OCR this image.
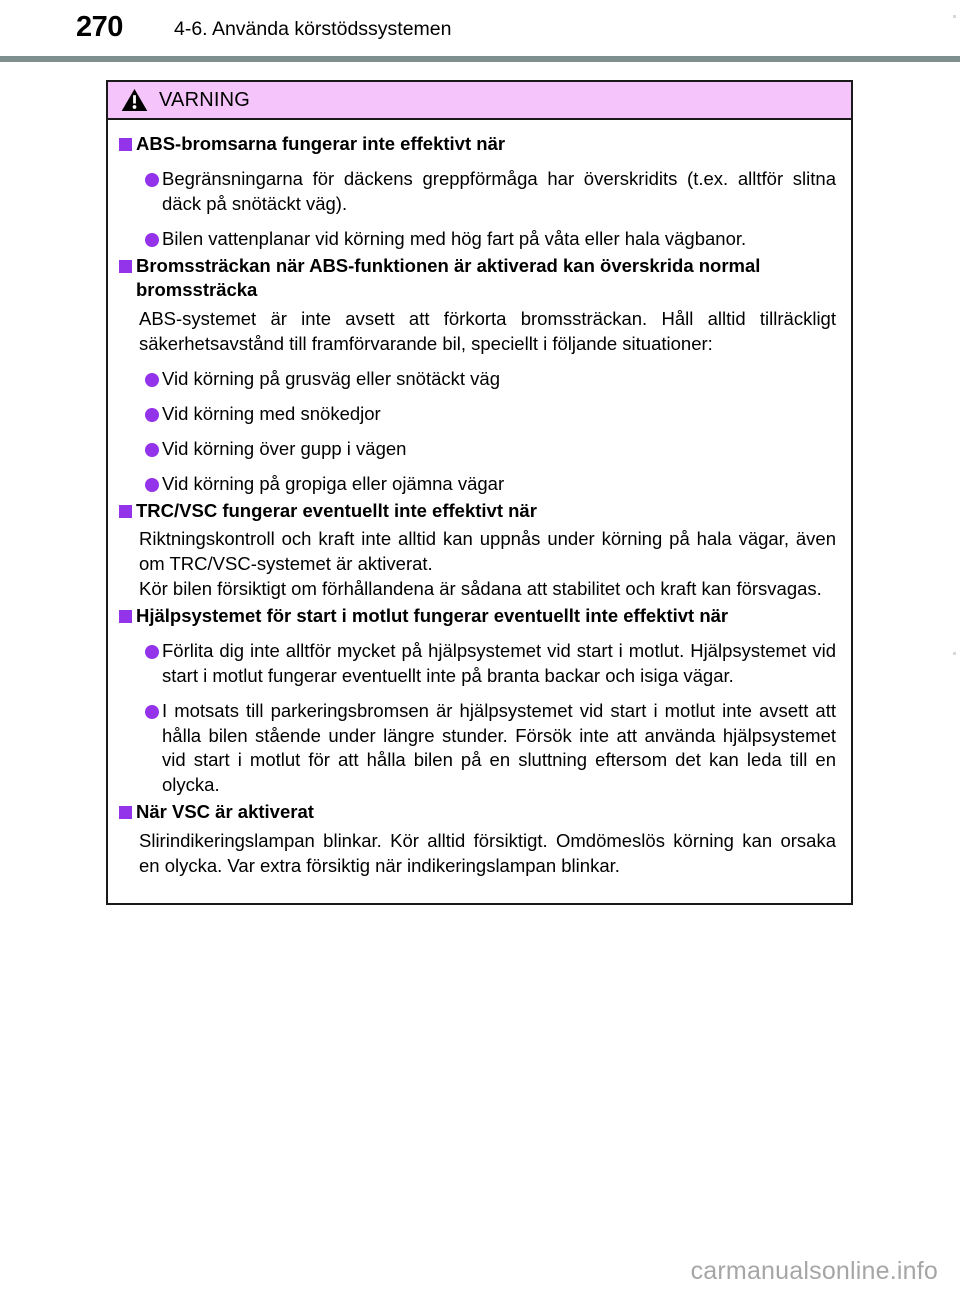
270	4-6. Använda körstödssystemen
VARNING
ABS-bromsarna fungerar inte effektivt när
Begränsningarna för däckens greppförmåga har överskridits (t.ex. alltför slitna däck på snötäckt väg).
Bilen vattenplanar vid körning med hög fart på våta eller hala vägbanor.
Bromssträckan när ABS-funktionen är aktiverad kan överskrida normal bromssträcka
ABS-systemet är inte avsett att förkorta bromssträckan. Håll alltid tillräckligt säkerhetsavstånd till framförvarande bil, speciellt i följande situationer:
Vid körning på grusväg eller snötäckt väg
Vid körning med snökedjor
Vid körning över gupp i vägen
Vid körning på gropiga eller ojämna vägar
TRC/VSC fungerar eventuellt inte effektivt när
Riktningskontroll och kraft inte alltid kan uppnås under körning på hala vägar, även om TRC/VSC-systemet är aktiverat.
Kör bilen försiktigt om förhållandena är sådana att stabilitet och kraft kan försvagas.
Hjälpsystemet för start i motlut fungerar eventuellt inte effektivt när
Förlita dig inte alltför mycket på hjälpsystemet vid start i motlut. Hjälpsystemet vid start i motlut fungerar eventuellt inte på branta backar och isiga vägar.
I motsats till parkeringsbromsen är hjälpsystemet vid start i motlut inte avsett att hålla bilen stående under längre stunder. Försök inte att använda hjälpsystemet vid start i motlut för att hålla bilen på en sluttning eftersom det kan leda till en olycka.
När VSC är aktiverat
Slirindikeringslampan blinkar. Kör alltid försiktigt. Omdömeslös körning kan orsaka en olycka. Var extra försiktig när indikeringslampan blinkar.
carmanualsonline.info
